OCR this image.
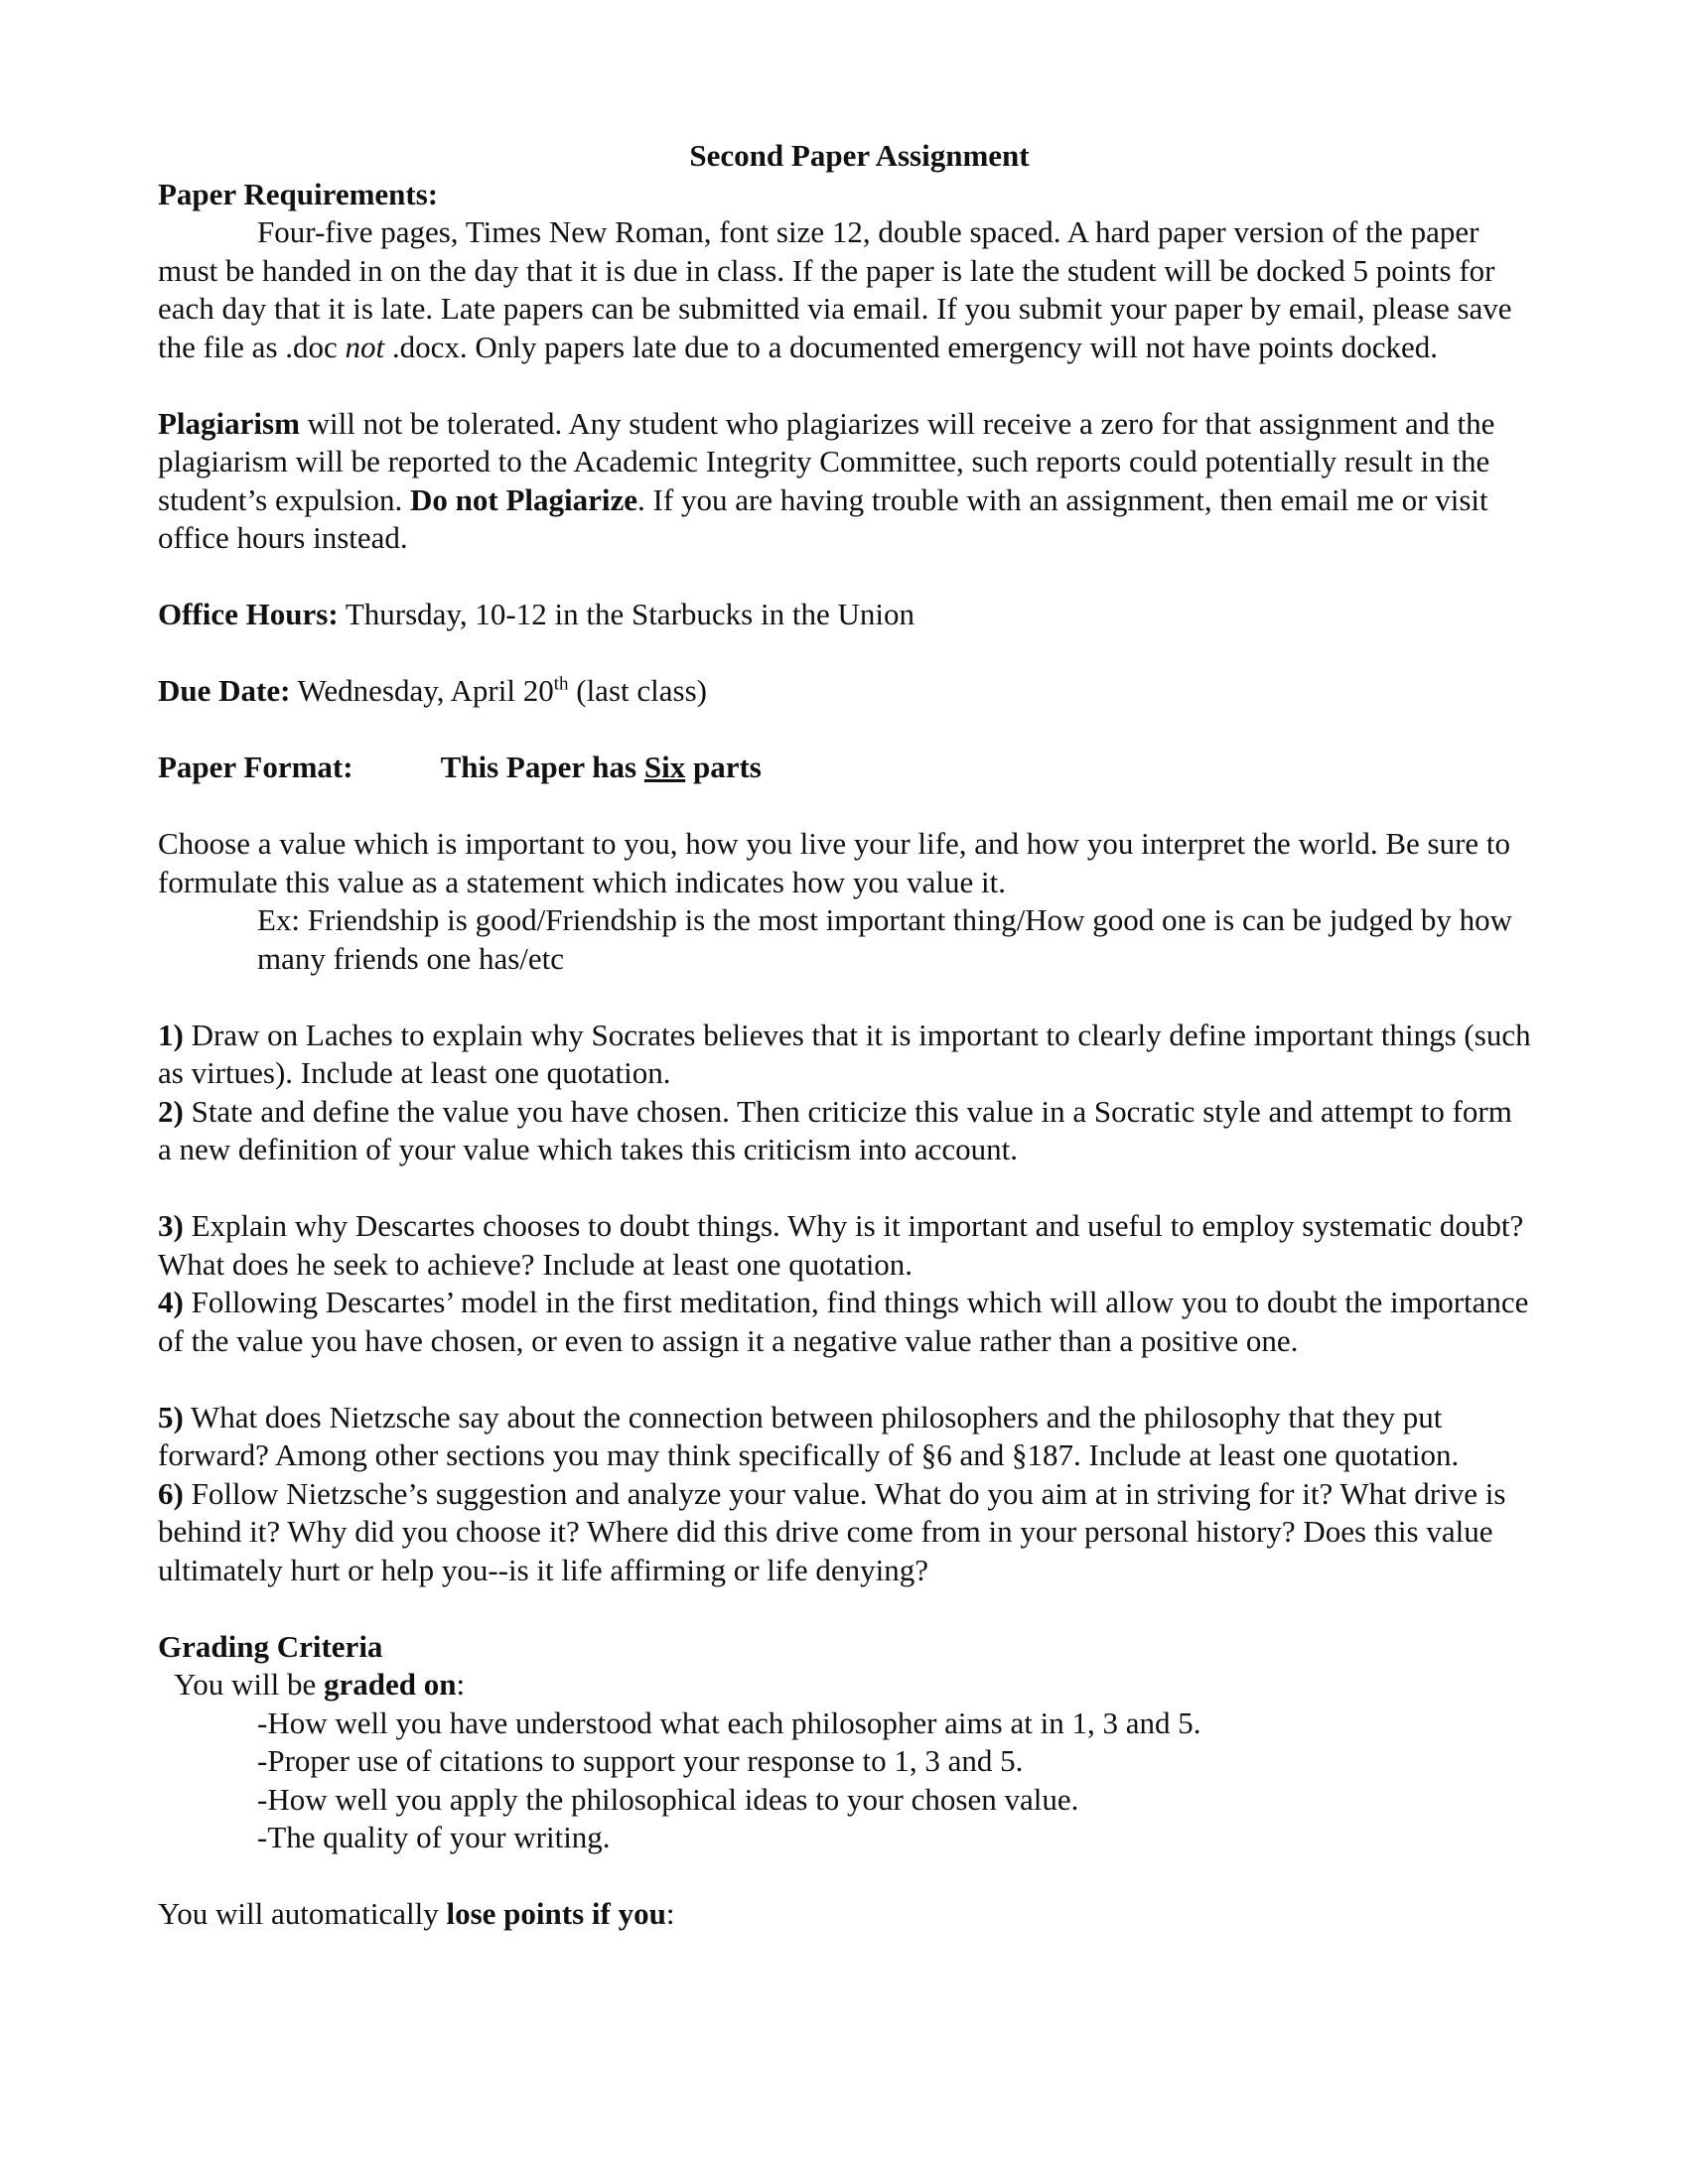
Second Paper Assignment

Paper Requirements:

Four-five pages, Times New Roman, font size 12, double spaced. A hard paper version of the paper must be handed in on the day that it is due in class. If the paper is late the student will be docked 5 points for each day that it is late. Late papers can be submitted via email. If you submit your paper by email, please save the file as .doc not .docx. Only papers late due to a documented emergency will not have points docked.

Plagiarism will not be tolerated. Any student who plagiarizes will receive a zero for that assignment and the plagiarism will be reported to the Academic Integrity Committee, such reports could potentially result in the student’s expulsion. Do not Plagiarize. If you are having trouble with an assignment, then email me or visit office hours instead.

Office Hours: Thursday, 10-12 in the Starbucks in the Union

Due Date: Wednesday, April 20th (last class)

Paper Format:	This Paper has Six parts

Choose a value which is important to you, how you live your life, and how you interpret the world. Be sure to formulate this value as a statement which indicates how you value it.

Ex: Friendship is good/Friendship is the most important thing/How good one is can be judged by how many friends one has/etc

1) Draw on Laches to explain why Socrates believes that it is important to clearly define important things (such as virtues). Include at least one quotation.

2) State and define the value you have chosen. Then criticize this value in a Socratic style and attempt to form a new definition of your value which takes this criticism into account.

3) Explain why Descartes chooses to doubt things. Why is it important and useful to employ systematic doubt? What does he seek to achieve? Include at least one quotation.

4) Following Descartes’ model in the first meditation, find things which will allow you to doubt the importance of the value you have chosen, or even to assign it a negative value rather than a positive one.

5) What does Nietzsche say about the connection between philosophers and the philosophy that they put forward? Among other sections you may think specifically of §6 and §187. Include at least one quotation.

6) Follow Nietzsche’s suggestion and analyze your value. What do you aim at in striving for it? What drive is behind it? Why did you choose it? Where did this drive come from in your personal history? Does this value ultimately hurt or help you--is it life affirming or life denying?

Grading Criteria

You will be graded on:

-How well you have understood what each philosopher aims at in 1, 3 and 5.

-Proper use of citations to support your response to 1, 3 and 5.

-How well you apply the philosophical ideas to your chosen value.

-The quality of your writing.

You will automatically lose points if you:
